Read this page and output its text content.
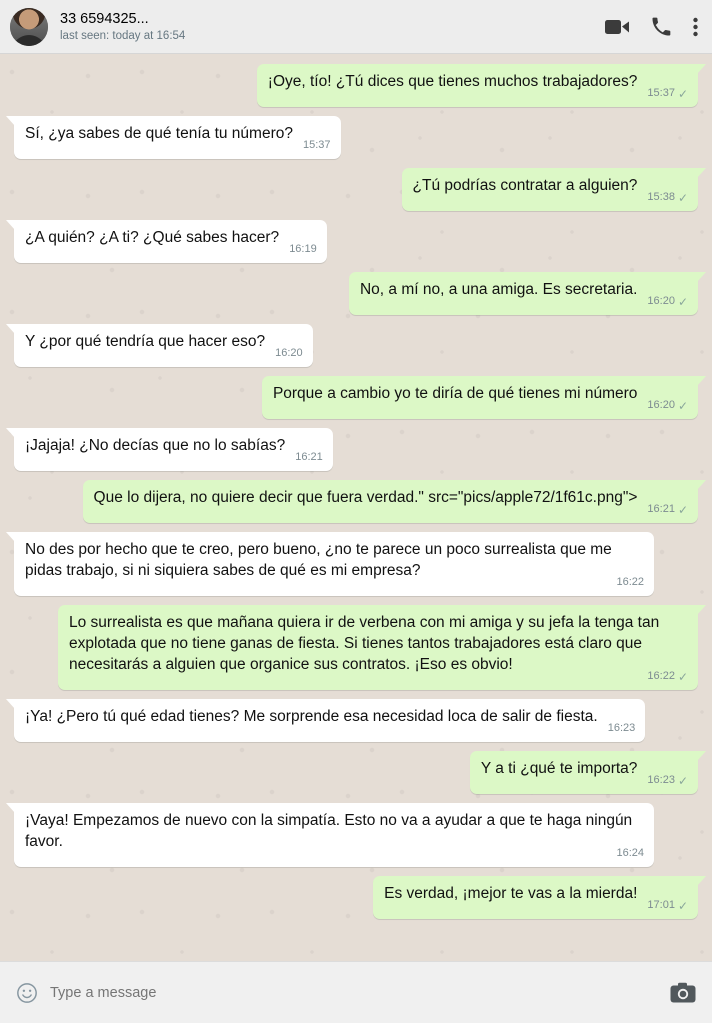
33 6594325...
last seen: today at 16:54
¡Oye, tío! ¿Tú dices que tienes muchos trabajadores?
15:37 ✓
Sí, ¿ya sabes de qué tenía tu número?
15:37
¿Tú podrías contratar a alguien?
15:38 ✓
¿A quién? ¿A ti? ¿Qué sabes hacer?
16:19
No, a mí no, a una amiga. Es secretaria.
16:20 ✓
Y ¿por qué tendría que hacer eso?
16:20
Porque a cambio yo te diría de qué tienes mi número
16:20 ✓
¡Jajaja! ¿No decías que no lo sabías?
16:21
Que lo dijera, no quiere decir que fuera verdad." src="pics/apple72/1f61c.png">
16:21 ✓
No des por hecho que te creo, pero bueno, ¿no te parece un poco surrealista que me pidas trabajo, si ni siquiera sabes de qué es mi empresa?
16:22
Lo surrealista es que mañana quiera ir de verbena con mi amiga y su jefa la tenga tan explotada que no tiene ganas de fiesta. Si tienes tantos trabajadores está claro que necesitarás a alguien que organice sus contratos. ¡Eso es obvio!
16:22 ✓
¡Ya! ¿Pero tú qué edad tienes? Me sorprende esa necesidad loca de salir de fiesta.
16:23
Y a ti ¿qué te importa?
16:23 ✓
¡Vaya! Empezamos de nuevo con la simpatía. Esto no va a ayudar a que te haga ningún favor.
16:24
Es verdad, ¡mejor te vas a la mierda!
17:01 ✓
Type a message
